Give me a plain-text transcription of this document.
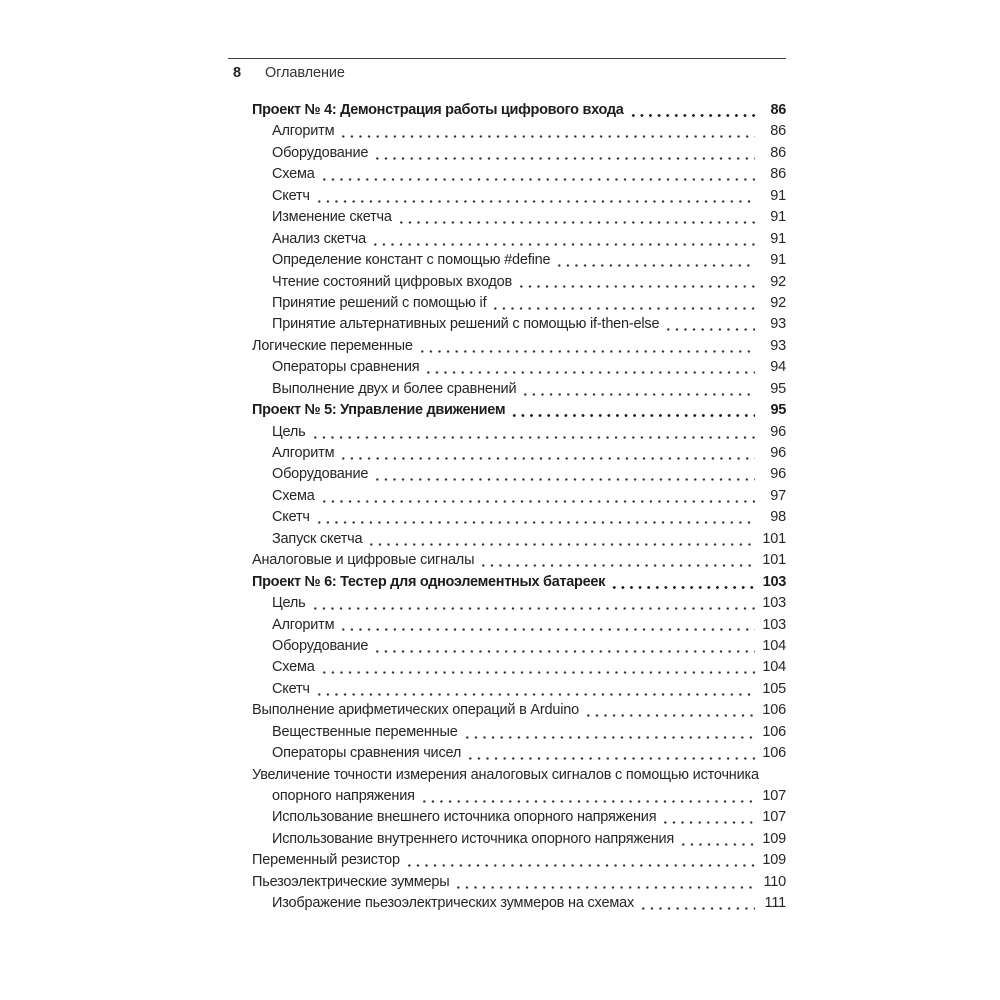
8 Оглавление
Проект № 4: Демонстрация работы цифрового входа	86
Алгоритм	86
Оборудование	86
Схема	86
Скетч	91
Изменение скетча	91
Анализ скетча	91
Определение констант с помощью #define	91
Чтение состояний цифровых входов	92
Принятие решений с помощью if	92
Принятие альтернативных решений с помощью if-then-else	93
Логические переменные	93
Операторы сравнения	94
Выполнение двух и более сравнений	95
Проект № 5: Управление движением	95
Цель	96
Алгоритм	96
Оборудование	96
Схема	97
Скетч	98
Запуск скетча	101
Аналоговые и цифровые сигналы	101
Проект № 6: Тестер для одноэлементных батареек	103
Цель	103
Алгоритм	103
Оборудование	104
Схема	104
Скетч	105
Выполнение арифметических операций в Arduino	106
Вещественные переменные	106
Операторы сравнения чисел	106
Увеличение точности измерения аналоговых сигналов с помощью источника
опорного напряжения	107
Использование внешнего источника опорного напряжения	107
Использование внутреннего источника опорного напряжения	109
Переменный резистор	109
Пьезоэлектрические зуммеры	110
Изображение пьезоэлектрических зуммеров на схемах	111
